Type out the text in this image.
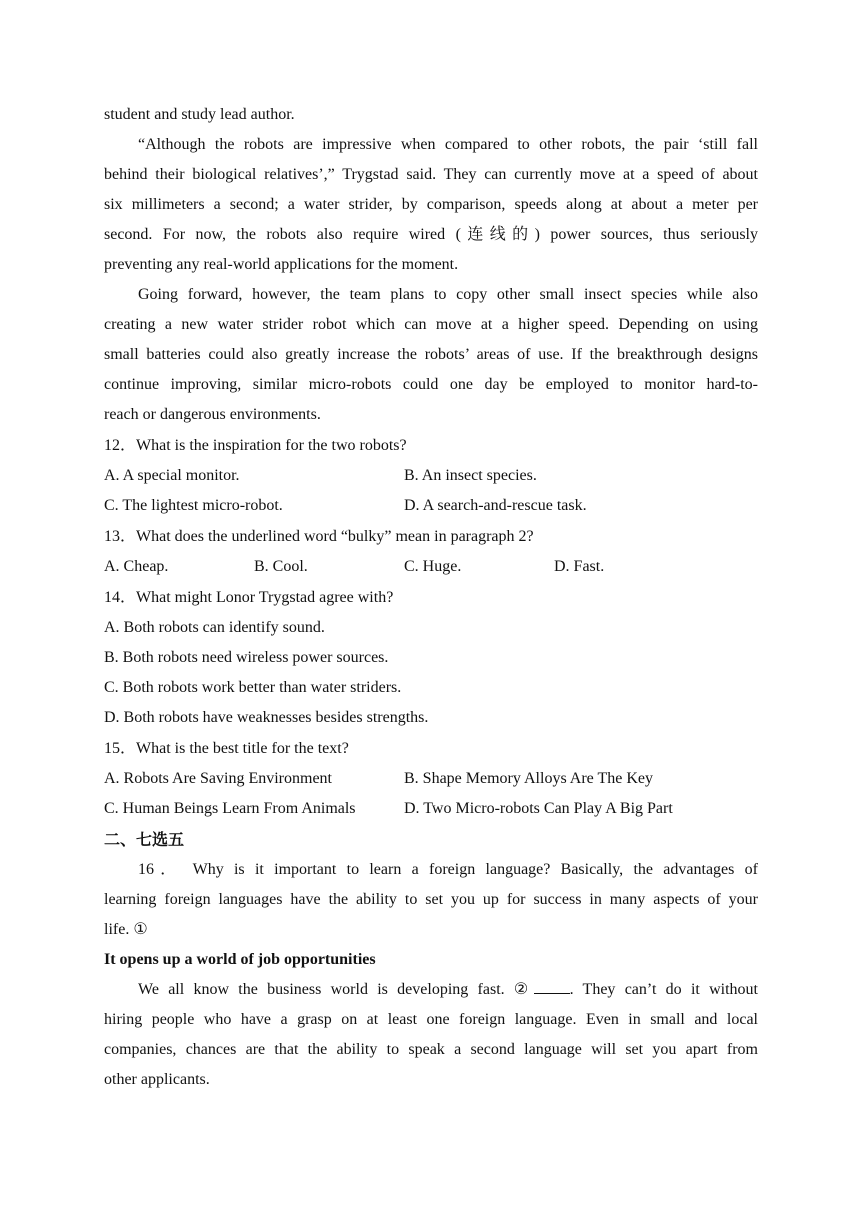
student and study lead author.
“Although the robots are impressive when compared to other robots, the pair ‘still fall
behind their biological relatives’,” Trygstad said. They can currently move at a speed of about
six millimeters a second; a water strider, by comparison, speeds along at about a meter per
second. For now, the robots also require wired (连线的) power sources, thus seriously
preventing any real-world applications for the moment.
Going forward, however, the team plans to copy other small insect species while also
creating a new water strider robot which can move at a higher speed. Depending on using
small batteries could also greatly increase the robots’ areas of use. If the breakthrough designs
continue improving, similar micro-robots could one day be employed to monitor hard-to-
reach or dangerous environments.
12．What is the inspiration for the two robots?
A. A special monitor.	B. An insect species.
C. The lightest micro-robot.	D. A search-and-rescue task.
13．What does the underlined word “bulky” mean in paragraph 2?
A. Cheap.	B. Cool.	C. Huge.	D. Fast.
14．What might Lonor Trygstad agree with?
A. Both robots can identify sound.
B. Both robots need wireless power sources.
C. Both robots work better than water striders.
D. Both robots have weaknesses besides strengths.
15．What is the best title for the text?
A. Robots Are Saving Environment	B. Shape Memory Alloys Are The Key
C. Human Beings Learn From Animals	D. Two Micro-robots Can Play A Big Part
二、七选五
16． Why is it important to learn a foreign language? Basically, the advantages of
learning foreign languages have the ability to set you up for success in many aspects of your
life. ①
It opens up a world of job opportunities
We all know the business world is developing fast. ② . They can’t do it without
hiring people who have a grasp on at least one foreign language. Even in small and local
companies, chances are that the ability to speak a second language will set you apart from
other applicants.
